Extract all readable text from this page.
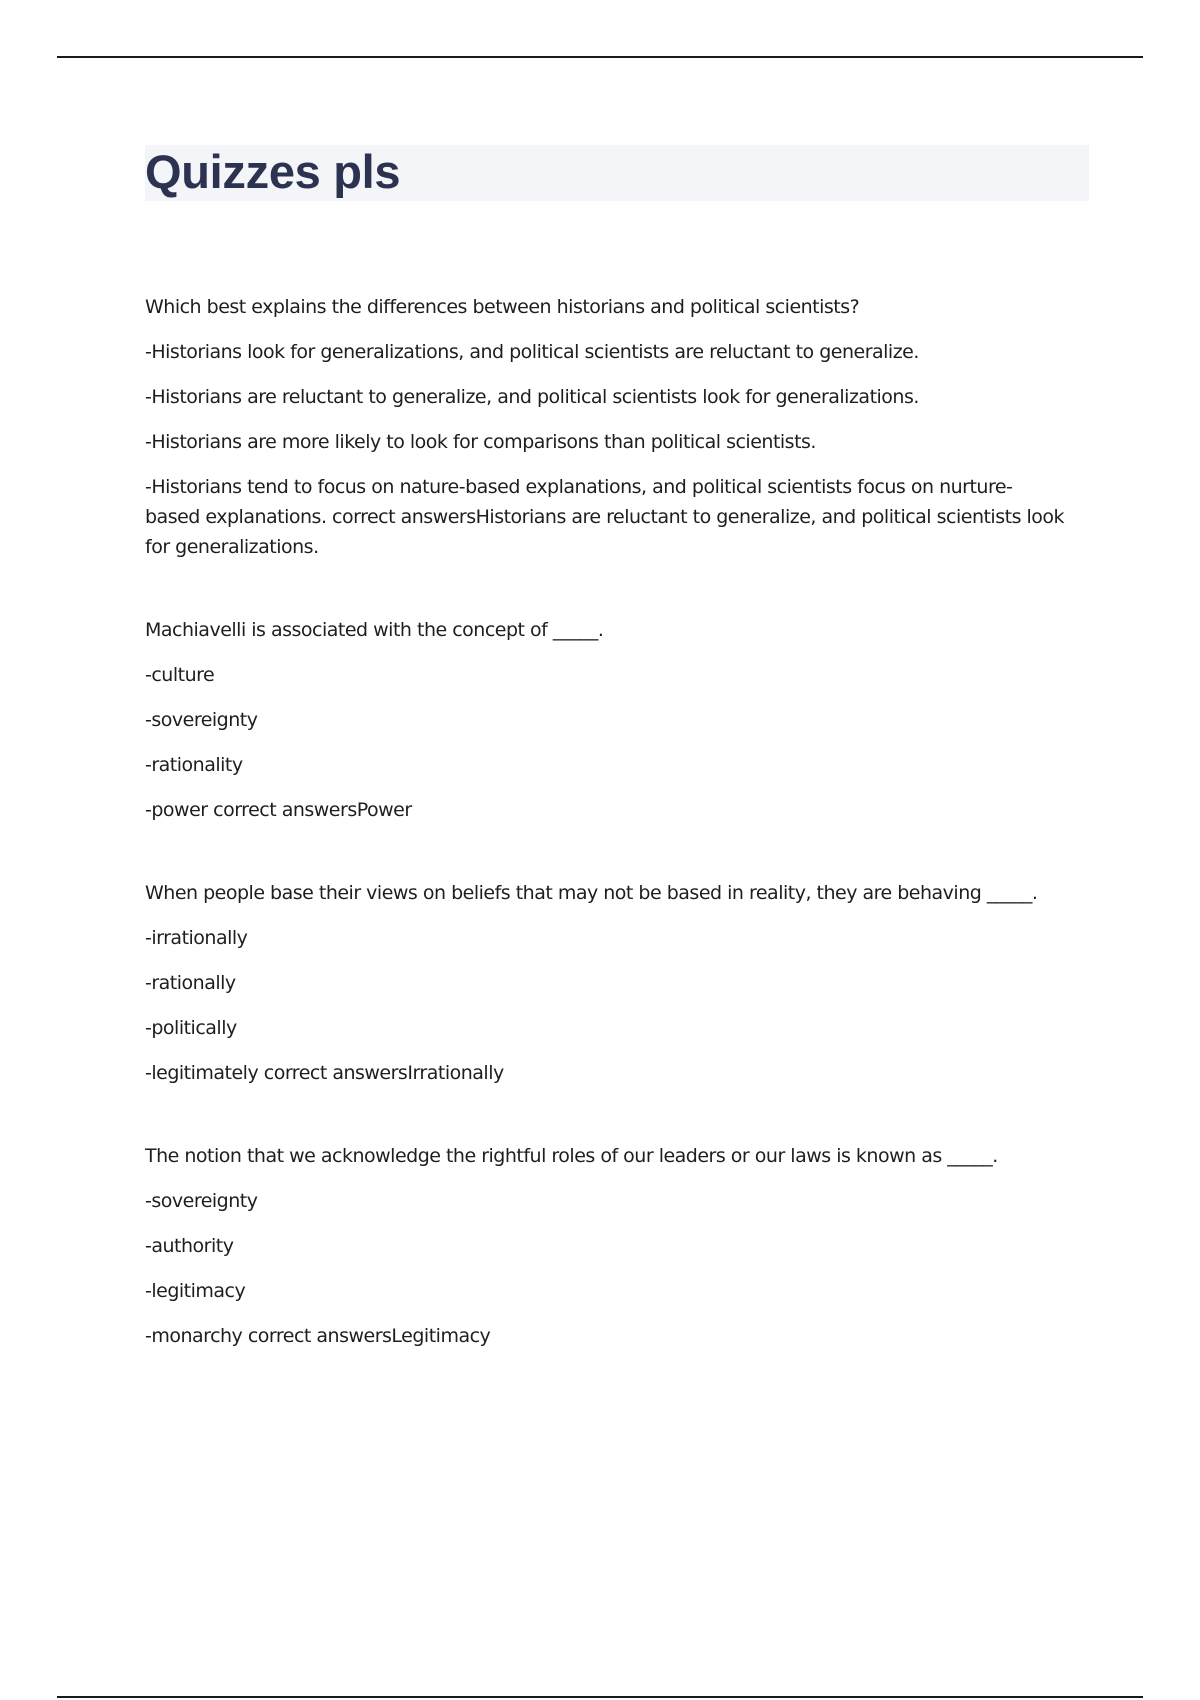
Quizzes pls

Which best explains the differences between historians and political scientists?

-Historians look for generalizations, and political scientists are reluctant to generalize.

-Historians are reluctant to generalize, and political scientists look for generalizations.

-Historians are more likely to look for comparisons than political scientists.

-Historians tend to focus on nature-based explanations, and political scientists focus on nurture-based explanations. correct answersHistorians are reluctant to generalize, and political scientists look for generalizations.

Machiavelli is associated with the concept of _____.

-culture

-sovereignty

-rationality

-power correct answersPower

When people base their views on beliefs that may not be based in reality, they are behaving _____.

-irrationally

-rationally

-politically

-legitimately correct answersIrrationally

The notion that we acknowledge the rightful roles of our leaders or our laws is known as _____.

-sovereignty

-authority

-legitimacy

-monarchy correct answersLegitimacy
